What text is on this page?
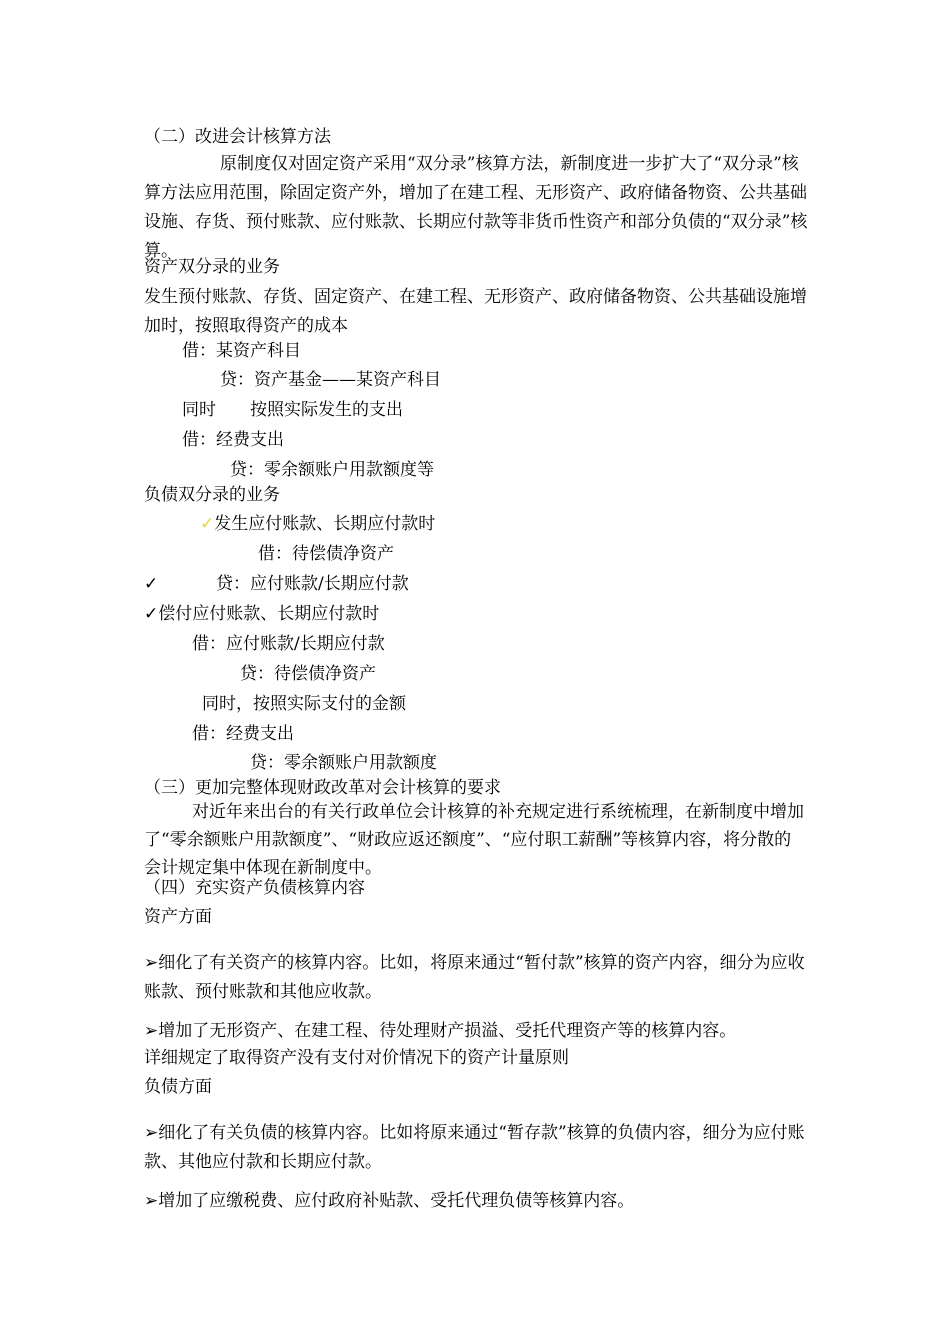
（二）改进会计核算方法
原制度仅对固定资产采用“双分录”核算方法，新制度进一步扩大了“双分录”核算方法应用范围，除固定资产外，增加了在建工程、无形资产、政府储备物资、公共基础设施、存货、预付账款、应付账款、长期应付款等非货币性资产和部分负债的“双分录”核算。
资产双分录的业务
发生预付账款、存货、固定资产、在建工程、无形资产、政府储备物资、公共基础设施增加时，按照取得资产的成本
借：某资产科目
贷：资产基金——某资产科目
同时　　按照实际发生的支出
借：经费支出
贷：零余额账户用款额度等
负债双分录的业务
✓发生应付账款、长期应付款时
借：待偿债净资产
✓	贷：应付账款/长期应付款
✓偿付应付账款、长期应付款时
借：应付账款/长期应付款
贷：待偿债净资产
同时，按照实际支付的金额
借：经费支出
贷：零余额账户用款额度
（三）更加完整体现财政改革对会计核算的要求
对近年来出台的有关行政单位会计核算的补充规定进行系统梳理，在新制度中增加了“零余额账户用款额度”、“财政应返还额度”、“应付职工薪酬”等核算内容，将分散的会计规定集中体现在新制度中。
（四）充实资产负债核算内容
资产方面
➢细化了有关资产的核算内容。比如，将原来通过“暂付款”核算的资产内容，细分为应收账款、预付账款和其他应收款。
➢增加了无形资产、在建工程、待处理财产损溢、受托代理资产等的核算内容。
详细规定了取得资产没有支付对价情况下的资产计量原则
负债方面
➢细化了有关负债的核算内容。比如将原来通过“暂存款”核算的负债内容，细分为应付账款、其他应付款和长期应付款。
➢增加了应缴税费、应付政府补贴款、受托代理负债等核算内容。
